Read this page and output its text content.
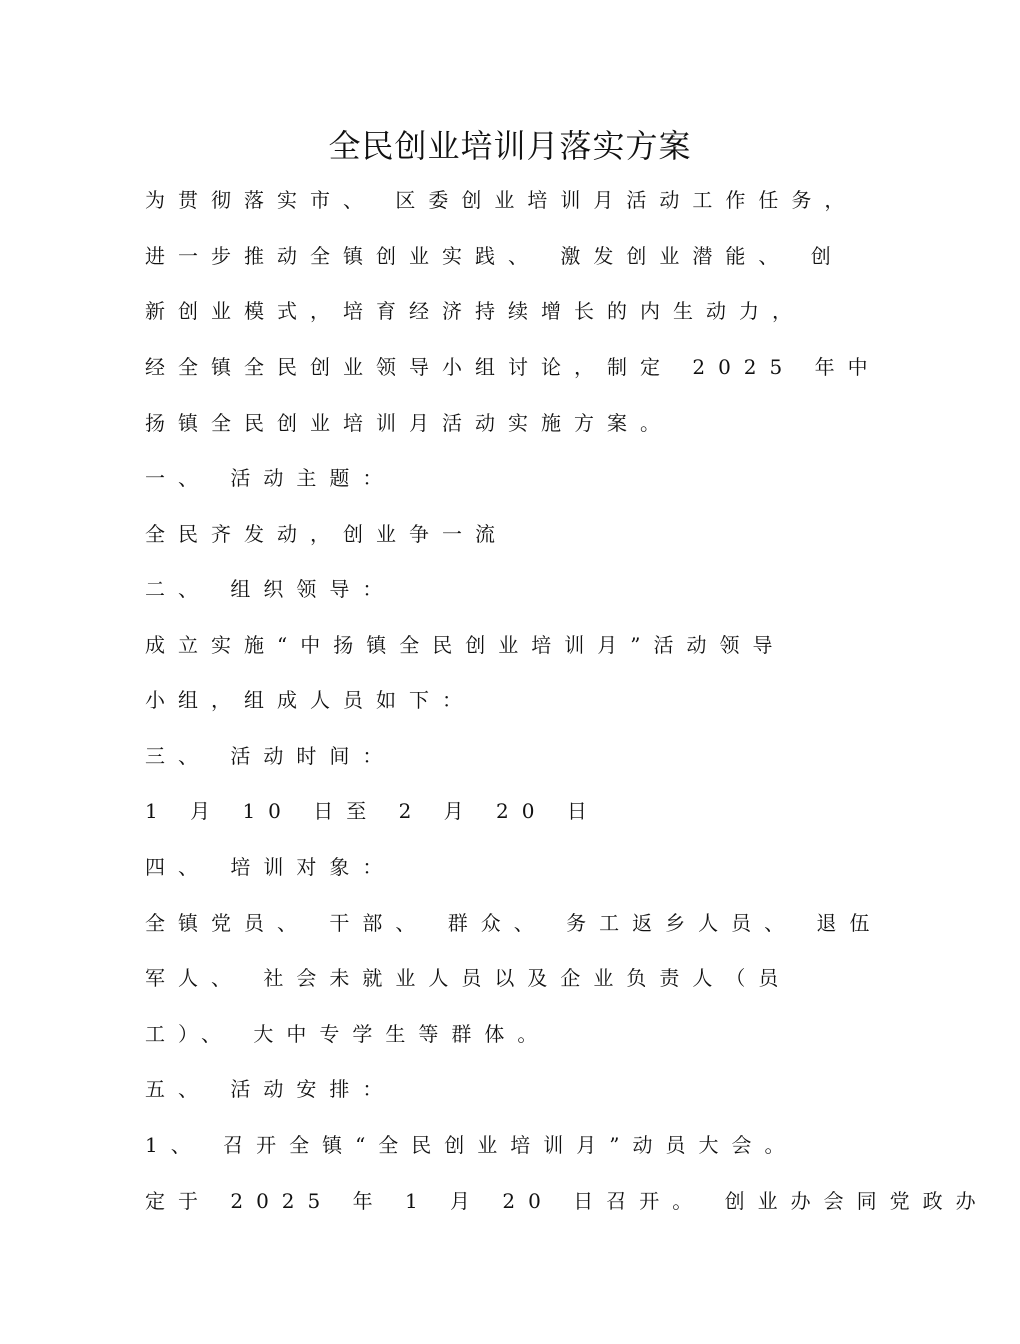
全民创业培训月落实方案
为贯彻落实市、 区委创业培训月活动工作任务，
进一步推动全镇创业实践、 激发创业潜能、 创
新创业模式，培育经济持续增长的内生动力，
经全镇全民创业领导小组讨论，制定 2025 年中
扬镇全民创业培训月活动实施方案。
一、 活动主题：
全民齐发动，创业争一流
二、 组织领导：
成立实施“中扬镇全民创业培训月”活动领导
小组，组成人员如下：
三、 活动时间：
1 月 10 日至 2 月 20 日
四、 培训对象：
全镇党员、 干部、 群众、 务工返乡人员、 退伍
军人、 社会未就业人员以及企业负责人（员
工）、 大中专学生等群体。
五、 活动安排：
1、 召开全镇“全民创业培训月”动员大会。
定于 2025 年 1 月 20 日召开。 创业办会同党政办
